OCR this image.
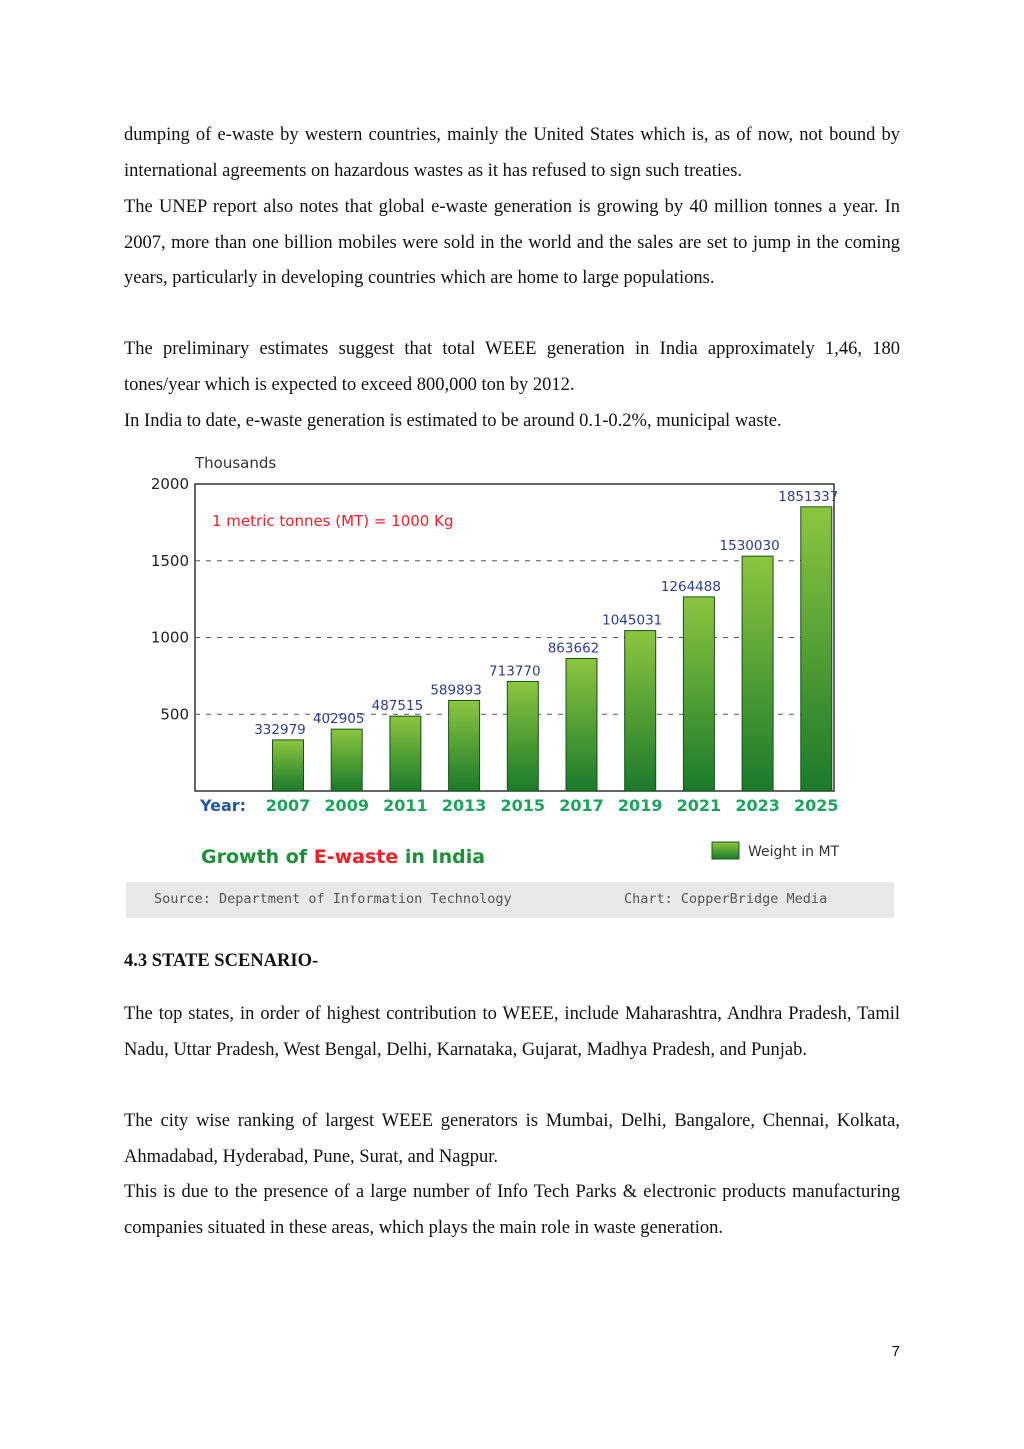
dumping of e-waste by western countries, mainly the United States which is, as of now, not bound by international agreements on hazardous wastes as it has refused to sign such treaties.

The UNEP report also notes that global e-waste generation is growing by 40 million tonnes a year. In 2007, more than one billion mobiles were sold in the world and the sales are set to jump in the coming years, particularly in developing countries which are home to large populations.

The preliminary estimates suggest that total WEEE generation in India approximately 1,46, 180 tones/year which is expected to exceed 800,000 ton by 2012.

In India to date, e-waste generation is estimated to be around 0.1-0.2%, municipal waste.

500
1000
1500
2000
332979
402905
487515
589893
713770
863662
1045031
1264488
1530030
1851337
2007 2009 2011 2013 2015 2017 2019 2021 2023 2025
Thousands
1 metric tonnes (MT) = 1000 Kg
Year:
Growth of E-waste in India	Weight in MT
Source: Department of Information Technology	Chart: CopperBridge Media

4.3 STATE SCENARIO-

The top states, in order of highest contribution to WEEE, include Maharashtra, Andhra Pradesh, Tamil Nadu, Uttar Pradesh, West Bengal, Delhi, Karnataka, Gujarat, Madhya Pradesh, and Punjab.

The city wise ranking of largest WEEE generators is Mumbai, Delhi, Bangalore, Chennai, Kolkata, Ahmadabad, Hyderabad, Pune, Surat, and Nagpur.

This is due to the presence of a large number of Info Tech Parks & electronic products manufacturing companies situated in these areas, which plays the main role in waste generation.

7
